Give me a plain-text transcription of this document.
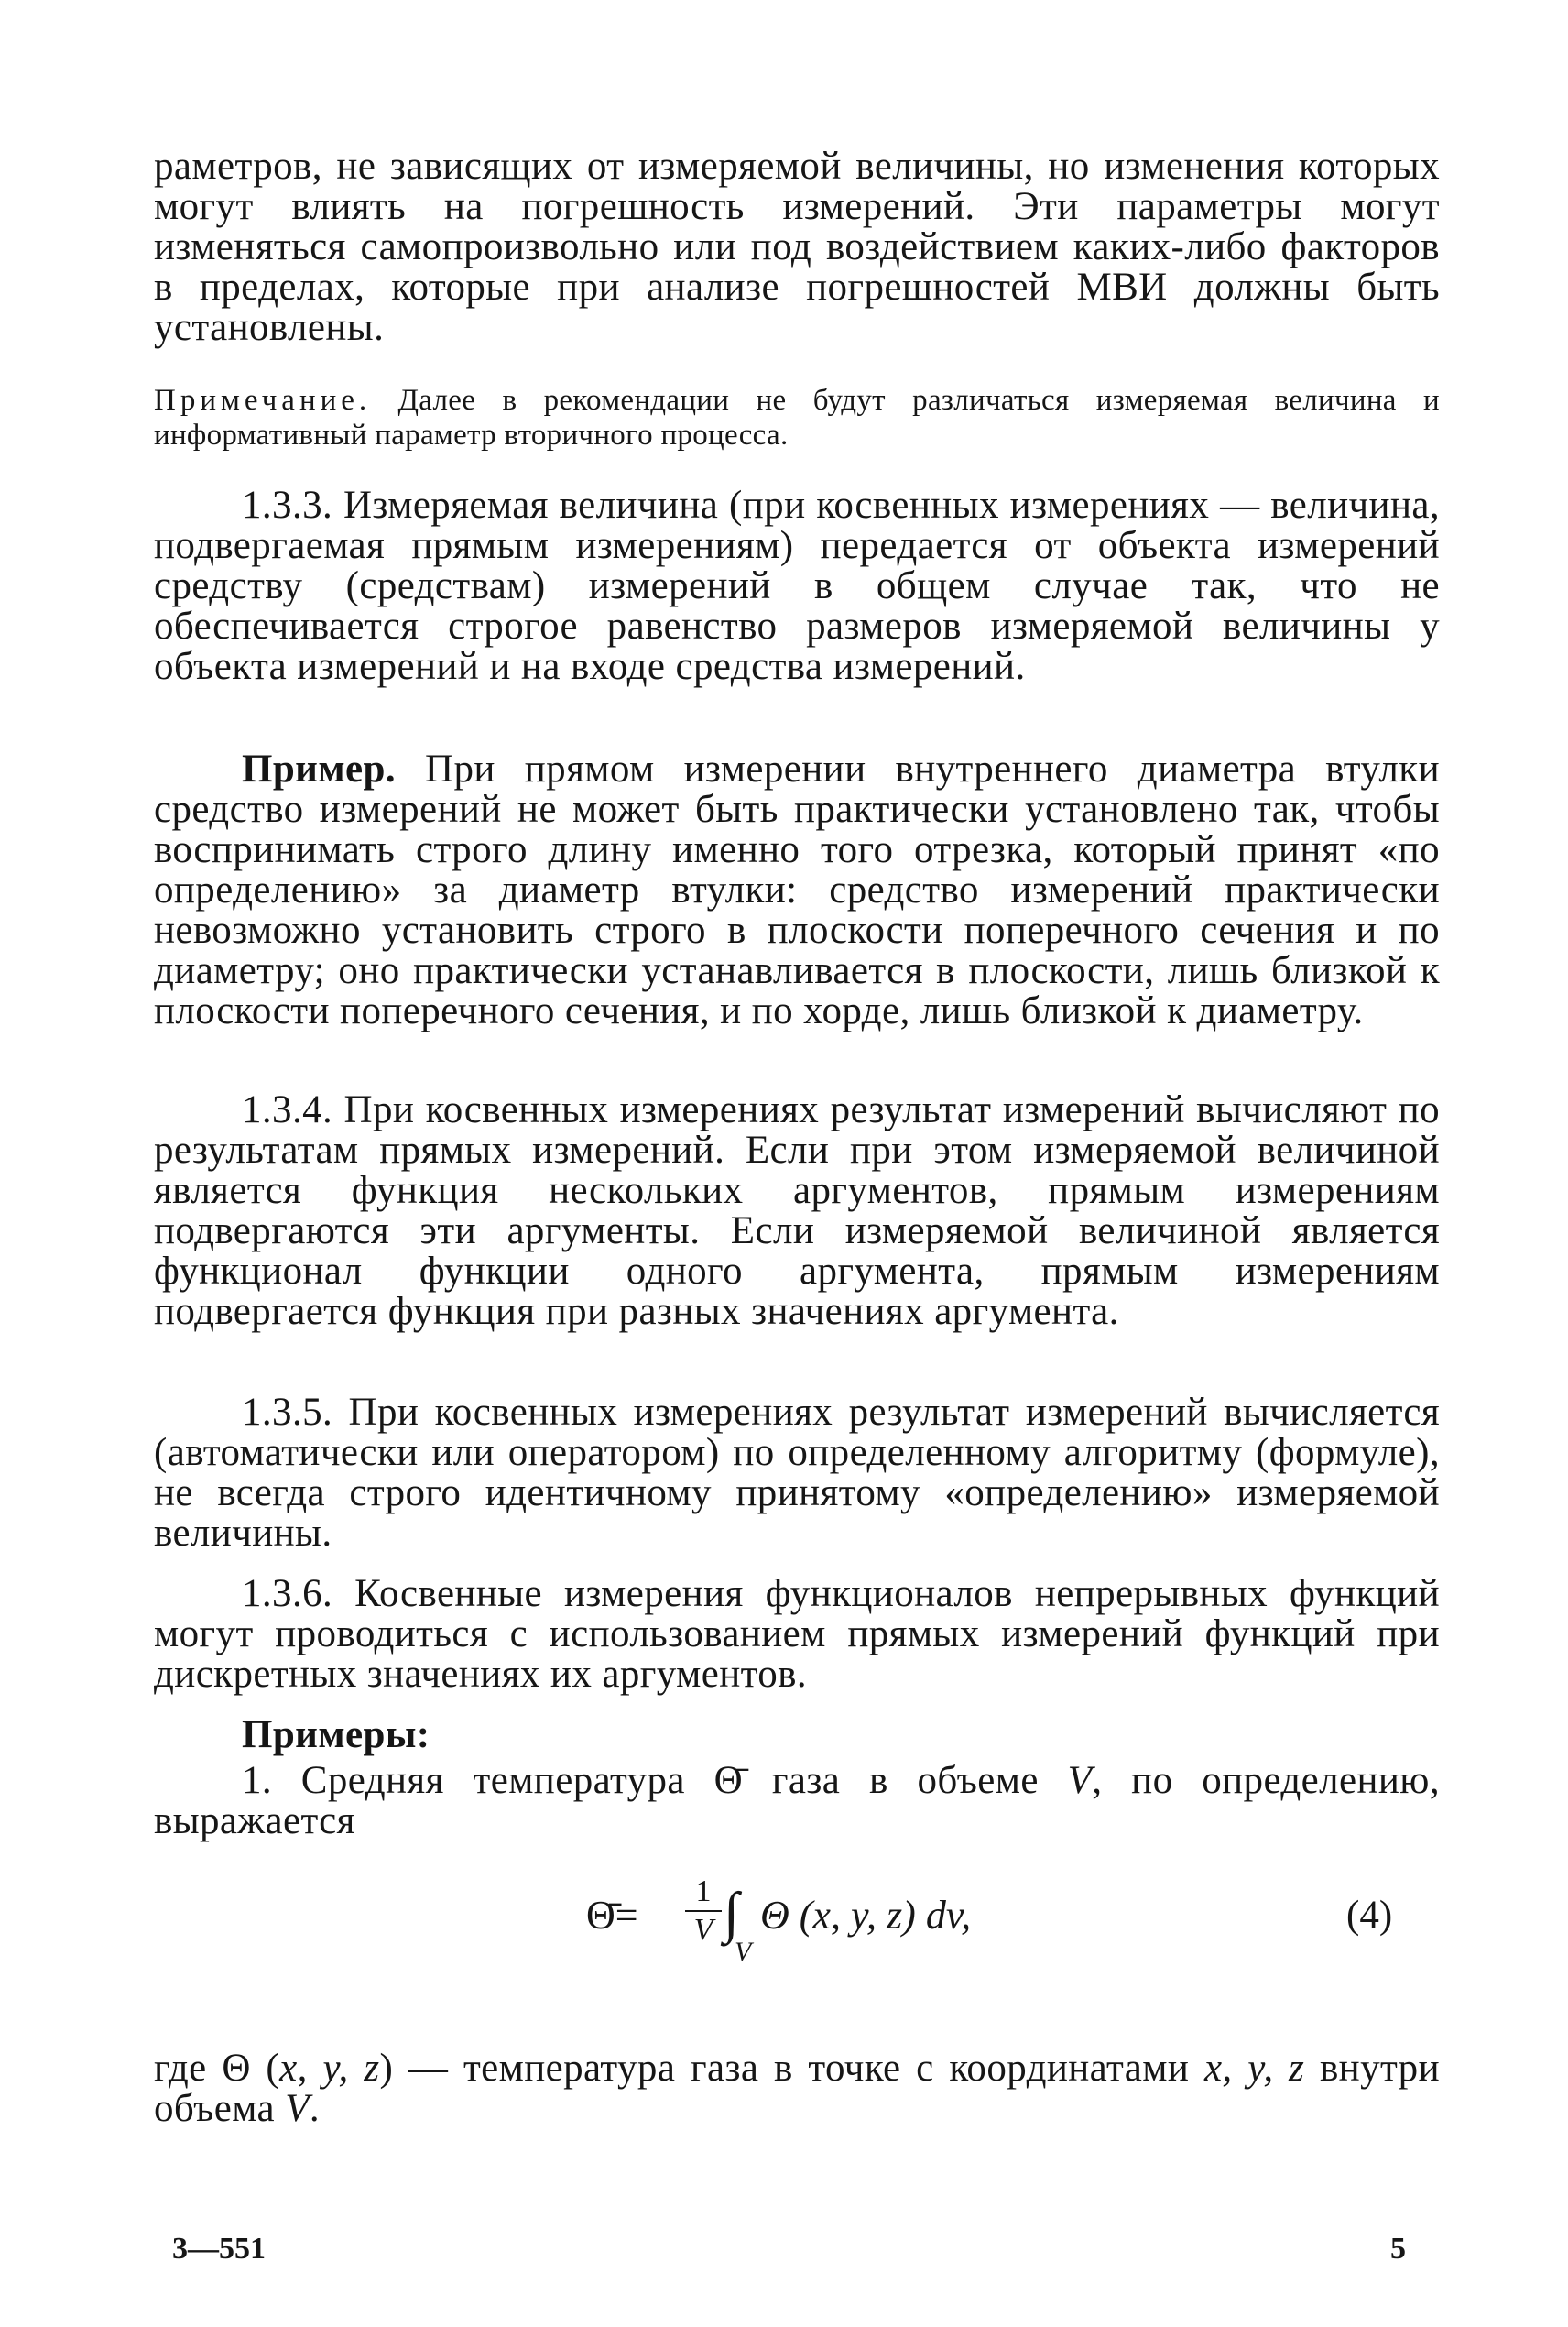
раметров, не зависящих от измеряемой величины, но изменения которых могут влиять на погрешность измерений. Эти параметры могут изменяться самопроизвольно или под воздействием каких-либо факторов в пределах, которые при анализе погрешностей МВИ должны быть установлены.

Примечание. Далее в рекомендации не будут различаться измеряемая величина и информативный параметр вторичного процесса.

1.3.3. Измеряемая величина (при косвенных измерениях — величина, подвергаемая прямым измерениям) передается от объекта измерений средству (средствам) измерений в общем случае так, что не обеспечивается строгое равенство размеров измеряемой величины у объекта измерений и на входе средства измерений.

Пример. При прямом измерении внутреннего диаметра втулки средство измерений не может быть практически установлено так, чтобы воспринимать строго длину именно того отрезка, который принят «по определению» за диаметр втулки: средство измерений практически невозможно установить строго в плоскости поперечного сечения и по диаметру; оно практически устанавливается в плоскости, лишь близкой к плоскости поперечного сечения, и по хорде, лишь близкой к диаметру.

1.3.4. При косвенных измерениях результат измерений вычисляют по результатам прямых измерений. Если при этом измеряемой величиной является функция нескольких аргументов, прямым измерениям подвергаются эти аргументы. Если измеряемой величиной является функционал функции одного аргумента, прямым измерениям подвергается функция при разных значениях аргумента.

1.3.5. При косвенных измерениях результат измерений вычисляется (автоматически или оператором) по определенному алгоритму (формуле), не всегда строго идентичному принятому «определению» измеряемой величины.

1.3.6. Косвенные измерения функционалов непрерывных функций могут проводиться с использованием прямых измерений функций при дискретных значениях их аргументов.

Примеры:

1. Средняя температура Θ̄ газа в объеме V, по определению, выражается

Θ̄= $\frac{1}{V}$ ∫
V
Θ (x, y, z) dv,	(4)

где Θ (x, y, z) — температура газа в точке с координатами x, y, z внутри объема V.

3—551	5
